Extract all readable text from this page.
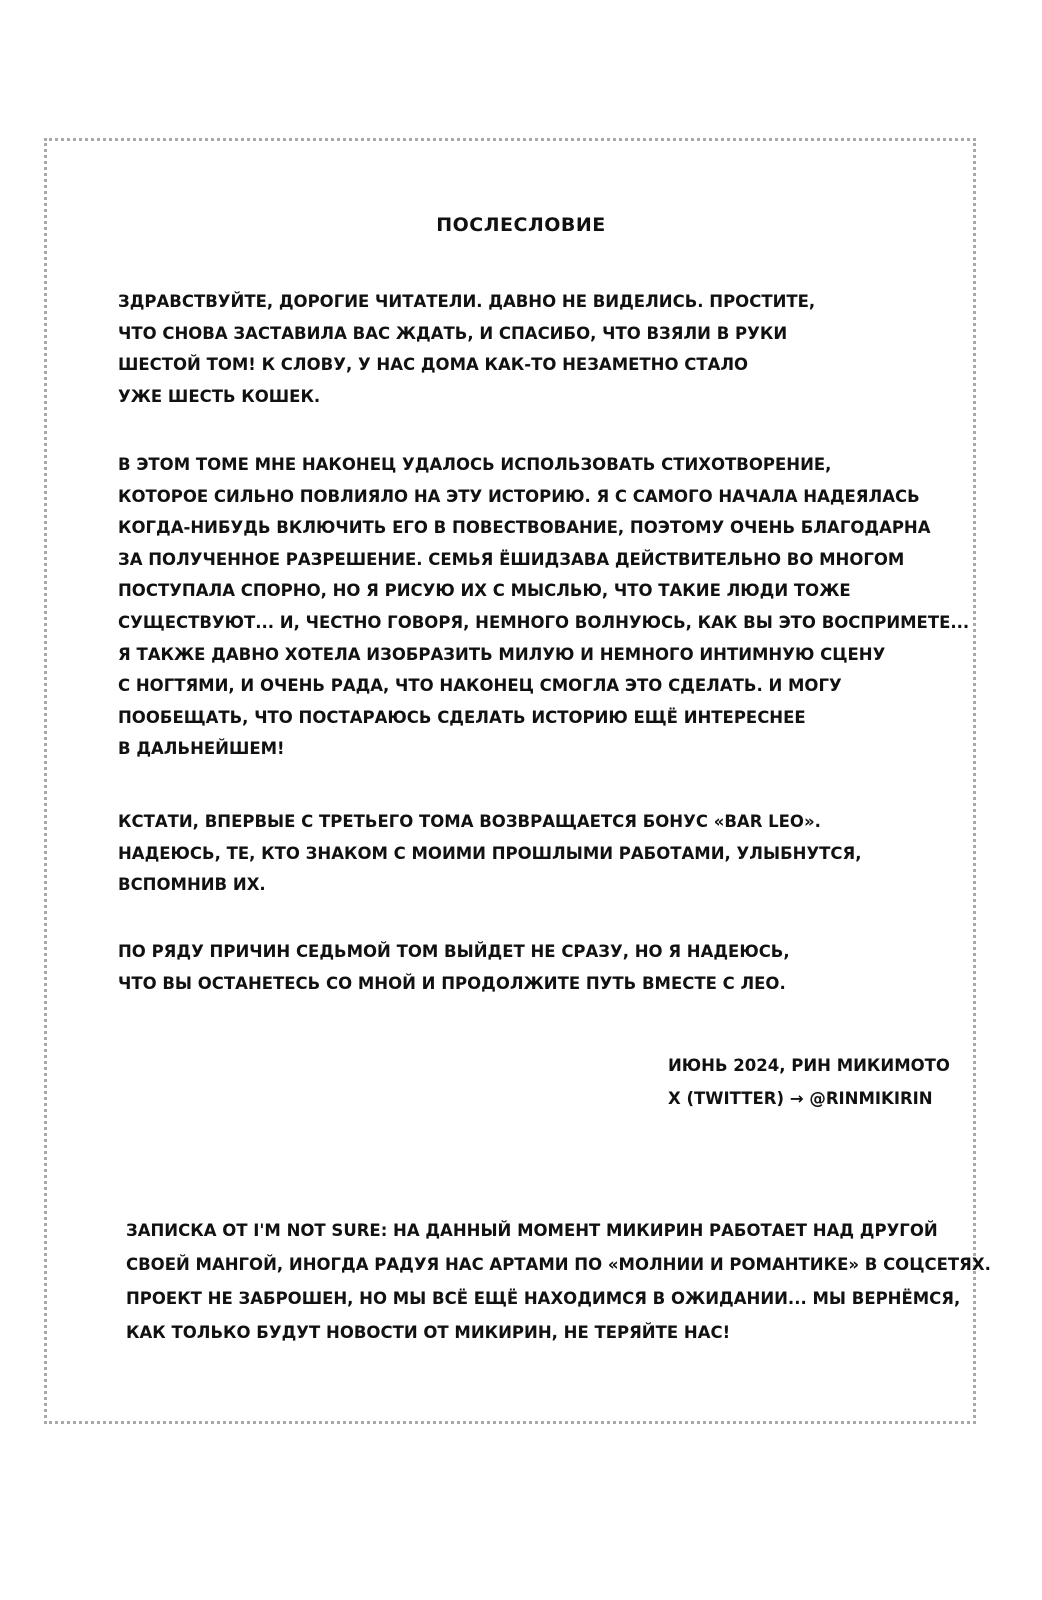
ПОСЛЕСЛОВИЕ
ЗДРАВСТВУЙТЕ, ДОРОГИЕ ЧИТАТЕЛИ. ДАВНО НЕ ВИДЕЛИСЬ. ПРОСТИТЕ,
ЧТО СНОВА ЗАСТАВИЛА ВАС ЖДАТЬ, И СПАСИБО, ЧТО ВЗЯЛИ В РУКИ
ШЕСТОЙ ТОМ! К СЛОВУ, У НАС ДОМА КАК-ТО НЕЗАМЕТНО СТАЛО
УЖЕ ШЕСТЬ КОШЕК.
В ЭТОМ ТОМЕ МНЕ НАКОНЕЦ УДАЛОСЬ ИСПОЛЬЗОВАТЬ СТИХОТВОРЕНИЕ,
КОТОРОЕ СИЛЬНО ПОВЛИЯЛО НА ЭТУ ИСТОРИЮ. Я С САМОГО НАЧАЛА НАДЕЯЛАСЬ
КОГДА-НИБУДЬ ВКЛЮЧИТЬ ЕГО В ПОВЕСТВОВАНИЕ, ПОЭТОМУ ОЧЕНЬ БЛАГОДАРНА
ЗА ПОЛУЧЕННОЕ РАЗРЕШЕНИЕ. СЕМЬЯ ЁШИДЗАВА ДЕЙСТВИТЕЛЬНО ВО МНОГОМ
ПОСТУПАЛА СПОРНО, НО Я РИСУЮ ИХ С МЫСЛЬЮ, ЧТО ТАКИЕ ЛЮДИ ТОЖЕ
СУЩЕСТВУЮТ... И, ЧЕСТНО ГОВОРЯ, НЕМНОГО ВОЛНУЮСЬ, КАК ВЫ ЭТО ВОСПРИМЕТЕ...
Я ТАКЖЕ ДАВНО ХОТЕЛА ИЗОБРАЗИТЬ МИЛУЮ И НЕМНОГО ИНТИМНУЮ СЦЕНУ
С НОГТЯМИ, И ОЧЕНЬ РАДА, ЧТО НАКОНЕЦ СМОГЛА ЭТО СДЕЛАТЬ. И МОГУ
ПООБЕЩАТЬ, ЧТО ПОСТАРАЮСЬ СДЕЛАТЬ ИСТОРИЮ ЕЩЁ ИНТЕРЕСНЕЕ
В ДАЛЬНЕЙШЕМ!
КСТАТИ, ВПЕРВЫЕ С ТРЕТЬЕГО ТОМА ВОЗВРАЩАЕТСЯ БОНУС «BAR LEO».
НАДЕЮСЬ, ТЕ, КТО ЗНАКОМ С МОИМИ ПРОШЛЫМИ РАБОТАМИ, УЛЫБНУТСЯ,
ВСПОМНИВ ИХ.
ПО РЯДУ ПРИЧИН СЕДЬМОЙ ТОМ ВЫЙДЕТ НЕ СРАЗУ, НО Я НАДЕЮСЬ,
ЧТО ВЫ ОСТАНЕТЕСЬ СО МНОЙ И ПРОДОЛЖИТЕ ПУТЬ ВМЕСТЕ С ЛЕО.
ИЮНЬ 2024, РИН МИКИМОТО
X (TWITTER) → @RINMIKIRIN
ЗАПИСКА ОТ I'M NOT SURE: НА ДАННЫЙ МОМЕНТ МИКИРИН РАБОТАЕТ НАД ДРУГОЙ
СВОЕЙ МАНГОЙ, ИНОГДА РАДУЯ НАС АРТАМИ ПО «МОЛНИИ И РОМАНТИКЕ» В СОЦСЕТЯХ.
ПРОЕКТ НЕ ЗАБРОШЕН, НО МЫ ВСЁ ЕЩЁ НАХОДИМСЯ В ОЖИДАНИИ... МЫ ВЕРНЁМСЯ,
КАК ТОЛЬКО БУДУТ НОВОСТИ ОТ МИКИРИН, НЕ ТЕРЯЙТЕ НАС!
